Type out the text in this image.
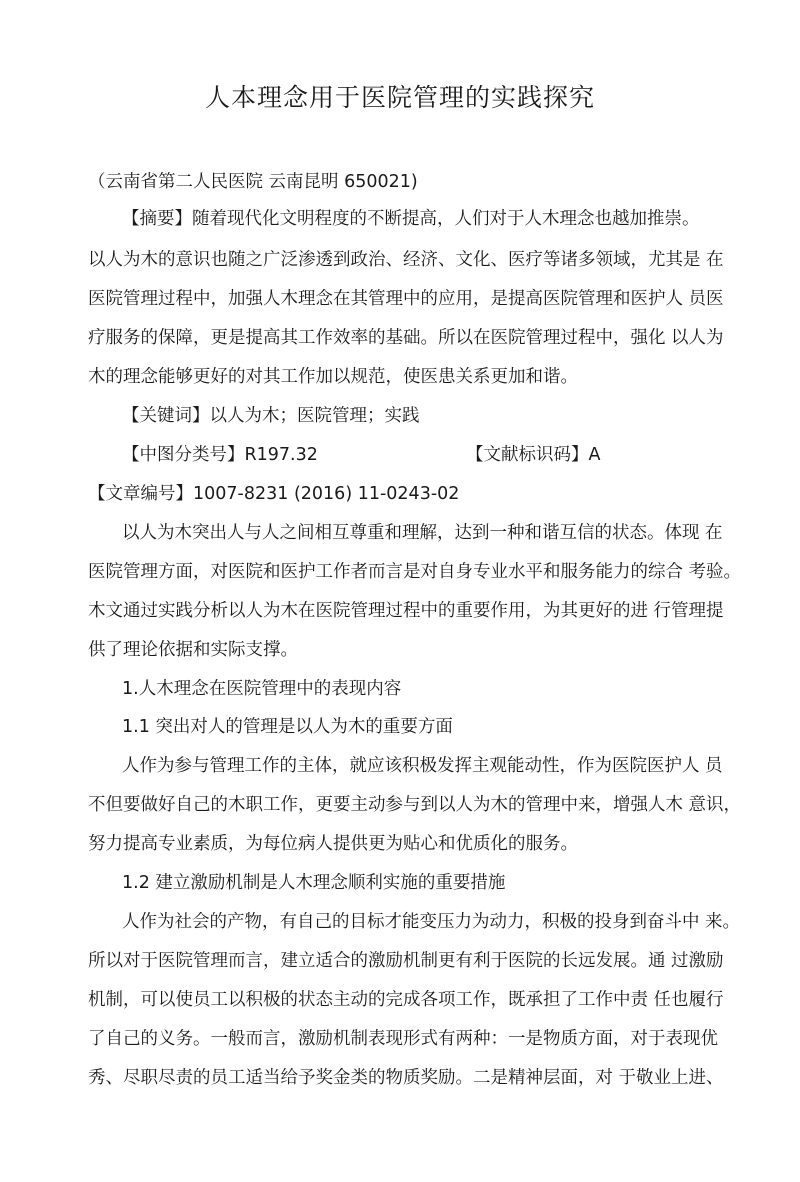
人本理念用于医院管理的实践探究
（云南省第二人民医院 云南昆明 650021)
【摘要】随着现代化文明程度的不断提高，人们对于人木理念也越加推崇。
以人为木的意识也随之广泛渗透到政治、经济、文化、医疗等诸多领域，尤其是 在
医院管理过程中，加强人木理念在其管理中的应用，是提高医院管理和医护人 员医
疗服务的保障，更是提高其工作效率的基础。所以在医院管理过程中，强化 以人为
木的理念能够更好的对其工作加以规范，使医患关系更加和谐。
【关键词】以人为木；医院管理；实践
【中图分类号】R197.32	【文献标识码】A
【文章编号】1007-8231 (2016) 11-0243-02
以人为木突出人与人之间相互尊重和理解，达到一种和谐互信的状态。体现 在
医院管理方面，对医院和医护工作者而言是对自身专业水平和服务能力的综合 考验。
木文通过实践分析以人为木在医院管理过程中的重要作用，为其更好的进 行管理提
供了理论依据和实际支撑。
1.人木理念在医院管理中的表现内容
1.1 突出对人的管理是以人为木的重要方面
人作为参与管理工作的主体，就应该积极发挥主观能动性，作为医院医护人 员
不但要做好自己的木职工作，更要主动参与到以人为木的管理中来，增强人木 意识，
努力提高专业素质，为每位病人提供更为贴心和优质化的服务。
1.2 建立激励机制是人木理念顺利实施的重要措施
人作为社会的产物，有自己的目标才能变压力为动力，积极的投身到奋斗中 来。
所以对于医院管理而言，建立适合的激励机制更有利于医院的长远发展。通 过激励
机制，可以使员工以积极的状态主动的完成各项工作，既承担了工作中责 任也履行
了自己的义务。一般而言，激励机制表现形式有两种：一是物质方面，对于表现优
秀、尽职尽责的员工适当给予奖金类的物质奖励。二是精神层面，对 于敬业上进、
